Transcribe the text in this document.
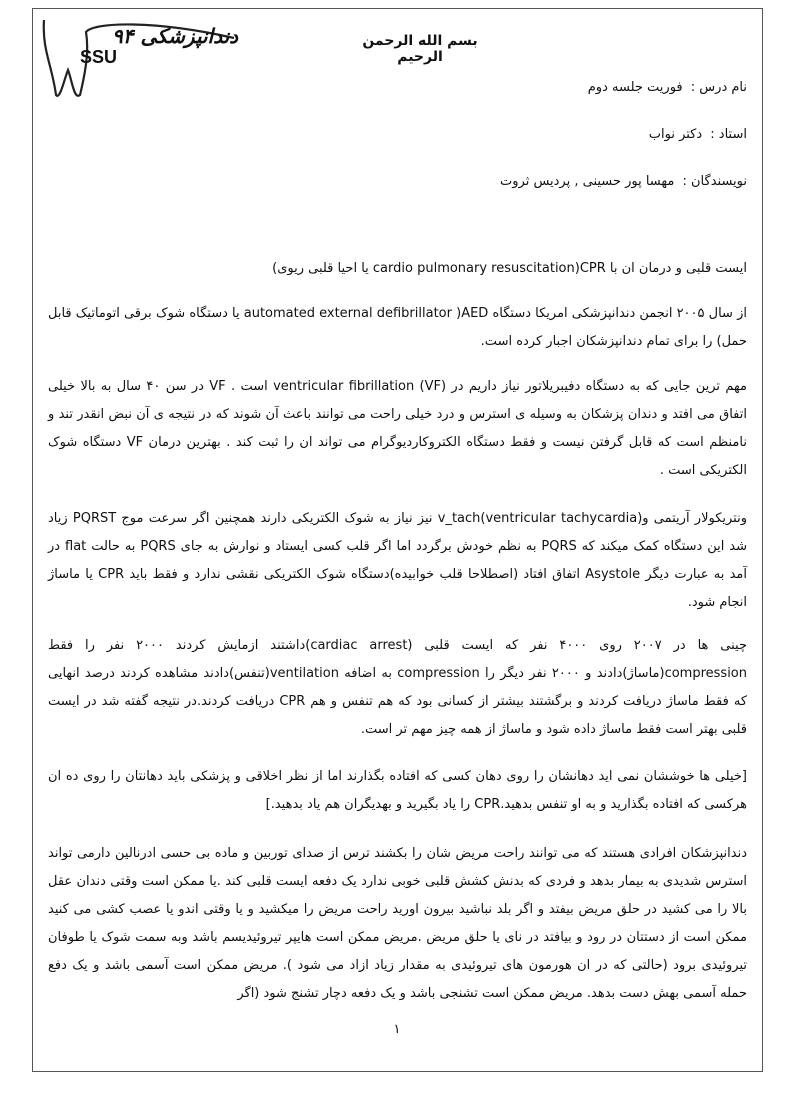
دندانپزشکی ۹۴
SSU
بسم الله الرحمن الرحیم
نام درس : فوریت جلسه دوم
استاد : دکتر نواب
نویسندگان : مهسا پور حسینی , پردیس ثروت
ایست قلبی و درمان ان با CPR(cardio pulmonary resuscitation یا احیا قلبی ریوی)
از سال ۲۰۰۵ انجمن دندانپزشکی امریکا دستگاه AED( automated external defibrillator یا دستگاه شوک برقی اتوماتیک قابل حمل) را برای تمام دندانپزشکان اجبار کرده است.
مهم ترین جایی که به دستگاه دفیبریلاتور نیاز داریم در ventricular fibrillation (VF) است . VF در سن ۴۰ سال به بالا خیلی اتفاق می افتد و دندان پزشکان به وسیله ی استرس و درد خیلی راحت می توانند باعث آن شوند که در نتیجه ی آن نبض انقدر تند و نامنظم است که قابل گرفتن نیست و فقط دستگاه الکتروکاردیوگرام می تواند ان را ثبت کند . بهترین درمان VF دستگاه شوک الکتریکی است .
ونتریکولار آریتمی و(v_tach(ventricular tachycardia نیز نیاز به شوک الکتریکی دارند همچنین اگر سرعت موج PQRST زیاد شد این دستگاه کمک میکند که PQRS به نظم خودش برگردد اما اگر قلب کسی ایستاد و نوارش به جای PQRS به حالت flat در آمد به عبارت دیگر Asystole اتفاق افتاد (اصطلاحا قلب خوابیده)دستگاه شوک الکتریکی نقشی ندارد و فقط باید CPR یا ماساژ انجام شود.
چینی ها در ۲۰۰۷ روی ۴۰۰۰ نفر که ایست قلبی (cardiac arrest)داشتند ازمایش کردند ۲۰۰۰ نفر را فقط compression(ماساژ)دادند و ۲۰۰۰ نفر دیگر را compression به اضافه ventilation(تنفس)دادند مشاهده کردند درصد انهایی که فقط ماساژ دریافت کردند و برگشتند بیشتر از کسانی بود که هم تنفس و هم CPR دریافت کردند.در نتیجه گفته شد در ایست قلبی بهتر است فقط ماساژ داده شود و ماساژ از همه چیز مهم تر است.
[خیلی ها خوششان نمی اید دهانشان را روی دهان کسی که افتاده بگذارند اما از نظر اخلاقی و پزشکی باید دهانتان را روی ده ان هرکسی که افتاده بگذارید و به او تنفس بدهید.CPR را یاد بگیرید و بهدیگران هم یاد بدهید.]
دندانپزشکان افرادی هستند که می توانند راحت مریض شان را بکشند ترس از صدای توربین و ماده بی حسی ادرنالین دارمی تواند استرس شدیدی به بیمار بدهد و فردی که بدنش کشش قلبی خوبی ندارد یک دفعه ایست قلبی کند .یا ممکن است وقتی دندان عقل بالا را می کشید در حلق مریض بیفتد و اگر بلد نباشید بیرون اورید راحت مریض را میکشید و یا وقتی اندو یا عصب کشی می کنید ممکن است از دستتان در رود و بیافتد در نای یا حلق مریض .مریض ممکن است هایپر تیروئیدیسم باشد وبه سمت شوک یا طوفان تیروئیدی برود (حالتی که در ان هورمون های تیروئیدی به مقدار زیاد ازاد می شود ). مریض ممکن است آسمی باشد و یک دفع حمله آسمی بهش دست بدهد. مریض ممکن است تشنجی باشد و یک دفعه دچار تشنج شود (اگر
۱
